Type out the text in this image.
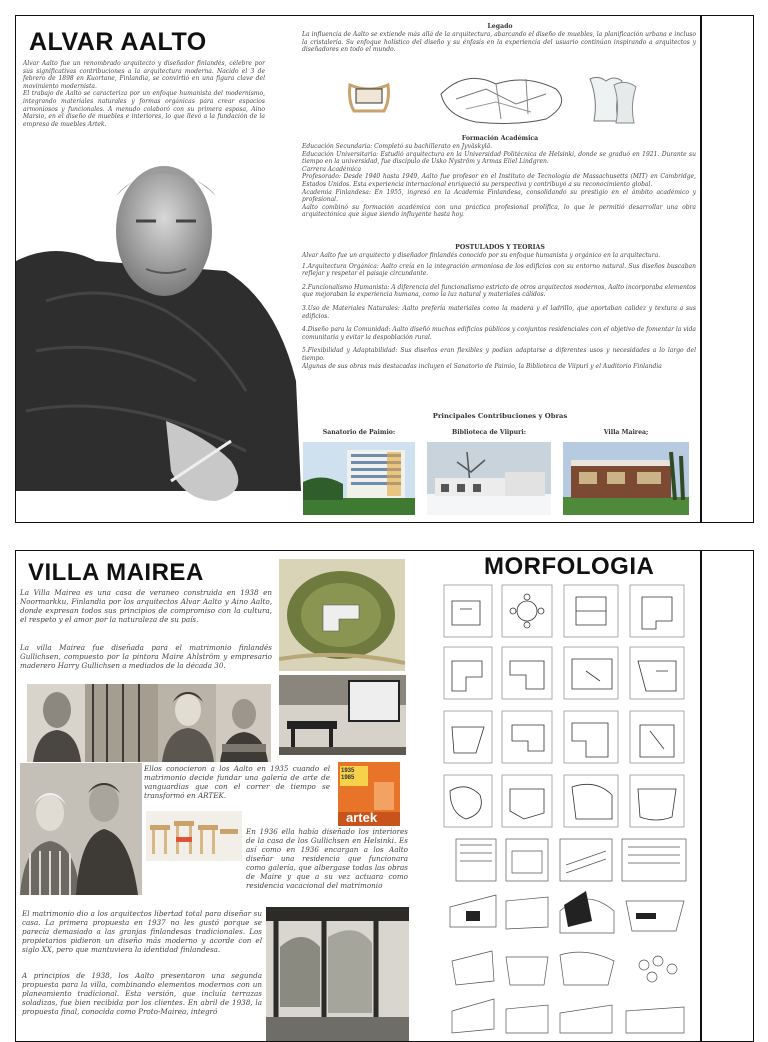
ALVAR AALTO

Alvar Aalto fue un renombrado arquitecto y diseñador finlandés, célebre por sus significativas contribuciones a la arquitectura moderna. Nacido el 3 de febrero de 1898 en Kuortane, Finlandia, se convirtió en una figura clave del movimiento modernista.

El trabajo de Aalto se caracteriza por un enfoque humanista del modernismo, integrando materiales naturales y formas orgánicas para crear espacios armoniosos y funcionales. A menudo colaboró con su primera esposa, Aino Marsio, en el diseño de muebles e interiores, lo que llevó a la fundación de la empresa de muebles Artek.

Legado
La influencia de Aalto se extiende más allá de la arquitectura, abarcando el diseño de muebles, la planificación urbana e incluso la cristalería. Su enfoque holístico del diseño y su énfasis en la experiencia del usuario continúan inspirando a arquitectos y diseñadores en todo el mundo.
Formación Académica
Educación Secundaria: Completó su bachillerato en Jyväskylä.
Educación Universitaria: Estudió arquitectura en la Universidad Politécnica de Helsinki, donde se graduó en 1921. Durante su tiempo en la universidad, fue discípulo de Usko Nyström y Armas Eliel Lindgren.
Carrera Académica
Profesorado: Desde 1940 hasta 1949, Aalto fue profesor en el Instituto de Tecnología de Massachusetts (MIT) en Cambridge, Estados Unidos. Esta experiencia internacional enriqueció su perspectiva y contribuyó a su reconocimiento global.
Academia Finlandesa: En 1955, ingresó en la Academia Finlandesa, consolidando su prestigio en el ámbito académico y profesional.
Aalto combinó su formación académica con una práctica profesional prolífica, lo que le permitió desarrollar una obra arquitectónica que sigue siendo influyente hasta hoy.
POSTULADOS Y TEORIAS
Alvar Aalto fue un arquitecto y diseñador finlandés conocido por su enfoque humanista y orgánico en la arquitectura.
1.Arquitectura Orgánica: Aalto creía en la integración armoniosa de los edificios con su entorno natural. Sus diseños buscaban reflejar y respetar el paisaje circundante.
2.Funcionalismo Humanista: A diferencia del funcionalismo estricto de otros arquitectos modernos, Aalto incorporaba elementos que mejoraban la experiencia humana, como la luz natural y materiales cálidos.
3.Uso de Materiales Naturales: Aalto prefería materiales como la madera y el ladrillo, que aportaban calidez y textura a sus edificios.
4.Diseño para la Comunidad: Aalto diseñó muchos edificios públicos y conjuntos residenciales con el objetivo de fomentar la vida comunitaria y evitar la despoblación rural.
5.Flexibilidad y Adaptabilidad: Sus diseños eran flexibles y podían adaptarse a diferentes usos y necesidades a lo largo del tiempo.
Algunas de sus obras más destacadas incluyen el Sanatorio de Paimio, la Biblioteca de Viipuri y el Auditorio Finlandia
Principales Contribuciones y Obras
Sanatorio de Paimio:	Biblioteca de Viipuri:	Villa Mairea;
VILLA MAIREA	MORFOLOGIA
La Villa Mairea es una casa de veraneo construida en 1938 en Noormarkku, Finlandia por los arquitectos Alvar Aalto y Aino Aalto, donde expresan todos sus principios de compromiso con la cultura, el respeto y el amor por la naturaleza de su país.
La villa Mairea fue diseñada para el matrimonio finlandés Gullichsen, compuesto por la pintora Maire Ahlström y empresario maderero Harry Gullichsen a mediados de la década 30.
Ellos conocieron a los Aalto en 1935 cuando el matrimonio decide fundar una galería de arte de vanguardias que con el correr de tiempo se transformó en ARTEK.
1935 1985
artek
En 1936 ella había diseñado los interiores de la casa de los Gullichsen en Helsinki. Es así como en 1936 encargan a los Aalto diseñar una residencia que funcionara como galería, que albergase todas las obras de Maire y que a su vez actuara como residencia vacacional del matrimonio
El matrimonio dio a los arquitectos libertad total para diseñar su casa. La primera propuesta en 1937 no les gustó porque se parecía demasiado a las granjas finlandesas tradicionales. Los propietarios pidieron un diseño más moderno y acorde con el siglo XX, pero que mantuviera la identidad finlandesa.
A principios de 1938, los Aalto presentaron una segunda propuesta para la villa, combinando elementos modernos con un planeamiento tradicional. Esta versión, que incluía terrazas soladizas, fue bien recibida por los clientes. En abril de 1938, la propuesta final, conocida como Proto-Mairea, integró
